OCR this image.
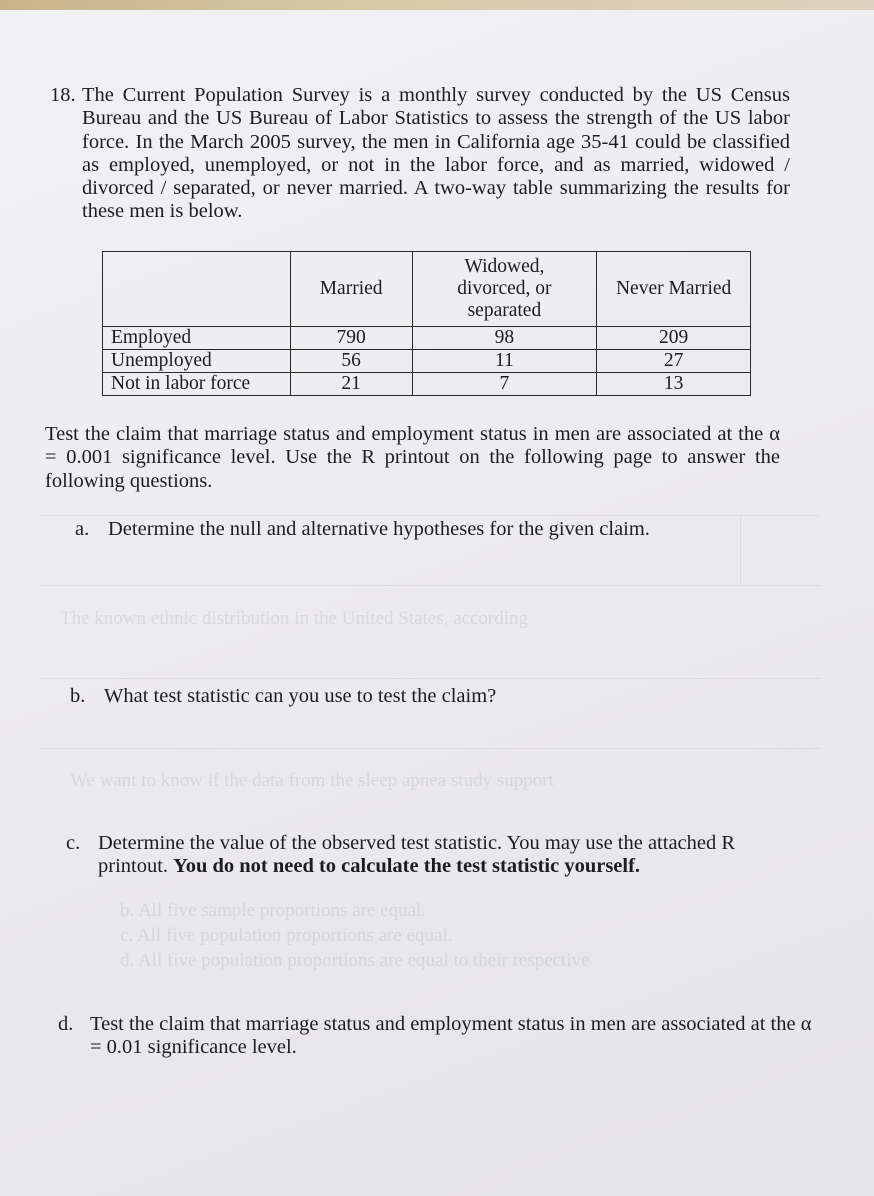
The known ethnic distribution in the United States, according
We want to know if the data from the sleep apnea study support
b. All five sample proportions are equal.
c. All five population proportions are equal.
d. All five population proportions are equal to their respective
18. The Current Population Survey is a monthly survey conducted by the US Census Bureau and the US Bureau of Labor Statistics to assess the strength of the US labor force. In the March 2005 survey, the men in California age 35-41 could be classified as employed, unemployed, or not in the labor force, and as married, widowed / divorced / separated, or never married. A two-way table summarizing the results for these men is below.

	Married	Widowed, divorced, or separated	Never Married
Employed	790	98	209
Unemployed	56	11	27
Not in labor force	21	7	13

Test the claim that marriage status and employment status in men are associated at the α = 0.001 significance level. Use the R printout on the following page to answer the following questions.

a. Determine the null and alternative hypotheses for the given claim.

b. What test statistic can you use to test the claim?

c. Determine the value of the observed test statistic. You may use the attached R printout. You do not need to calculate the test statistic yourself.

d. Test the claim that marriage status and employment status in men are associated at the α = 0.01 significance level.
